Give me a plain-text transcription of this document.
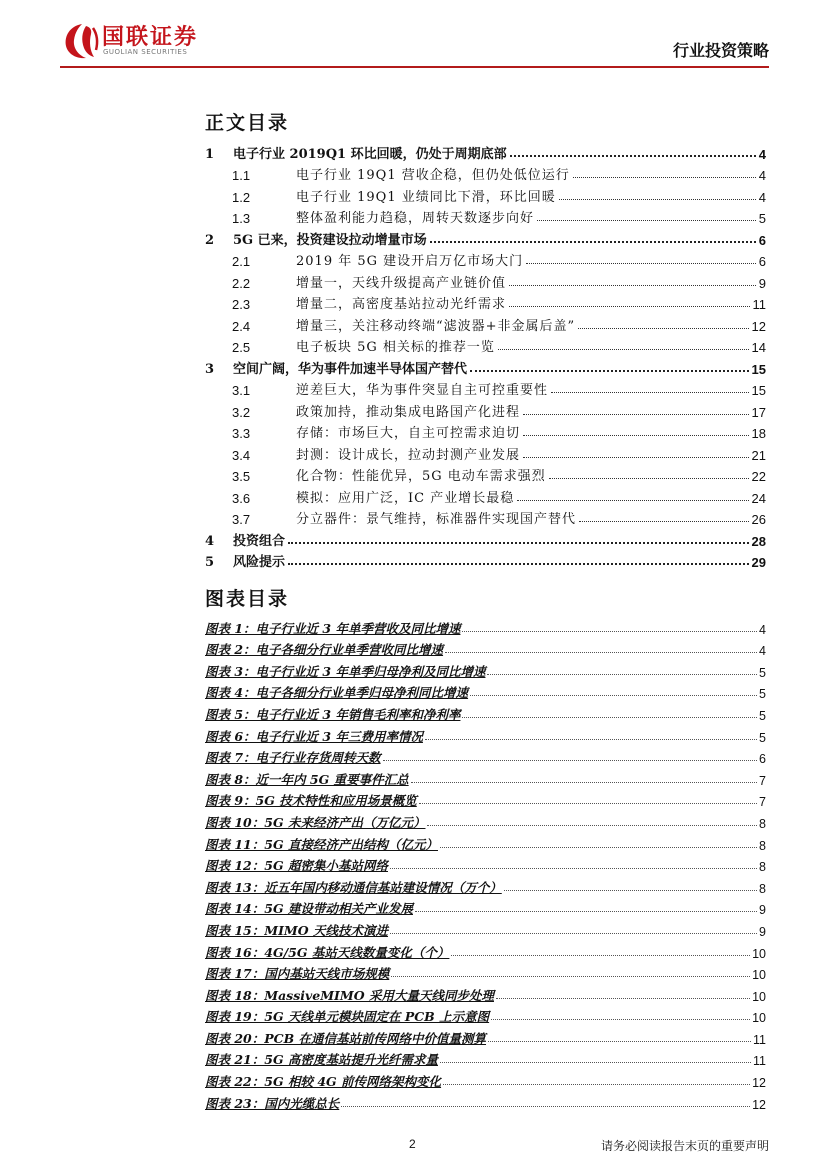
国联证券
GUOLIAN SECURITIES	行业投资策略
正文目录
1	电子行业 2019Q1 环比回暖，仍处于周期底部	4
1.1	电子行业 19Q1 营收企稳，但仍处低位运行	4
1.2	电子行业 19Q1 业绩同比下滑，环比回暖	4
1.3	整体盈利能力趋稳，周转天数逐步向好	5
2	5G 已来，投资建设拉动增量市场	6
2.1	2019 年 5G 建设开启万亿市场大门	6
2.2	增量一，天线升级提高产业链价值	9
2.3	增量二，高密度基站拉动光纤需求	11
2.4	增量三，关注移动终端“滤波器+非金属后盖”	12
2.5	电子板块 5G 相关标的推荐一览	14
3	空间广阔，华为事件加速半导体国产替代	15
3.1	逆差巨大，华为事件突显自主可控重要性	15
3.2	政策加持，推动集成电路国产化进程	17
3.3	存储：市场巨大，自主可控需求迫切	18
3.4	封测：设计成长，拉动封测产业发展	21
3.5	化合物：性能优异，5G 电动车需求强烈	22
3.6	模拟：应用广泛，IC 产业增长最稳	24
3.7	分立器件：景气维持，标准器件实现国产替代	26
4	投资组合	28
5	风险提示	29
图表目录
图表 1：电子行业近 3 年单季营收及同比增速	4
图表 2：电子各细分行业单季营收同比增速	4
图表 3：电子行业近 3 年单季归母净利及同比增速	5
图表 4：电子各细分行业单季归母净利同比增速	5
图表 5：电子行业近 3 年销售毛利率和净利率	5
图表 6：电子行业近 3 年三费用率情况	5
图表 7：电子行业存货周转天数	6
图表 8：近一年内 5G 重要事件汇总	7
图表 9：5G 技术特性和应用场景概览	7
图表 10：5G 未来经济产出（万亿元）	8
图表 11：5G 直接经济产出结构（亿元）	8
图表 12：5G 超密集小基站网络	8
图表 13：近五年国内移动通信基站建设情况（万个）	8
图表 14：5G 建设带动相关产业发展	9
图表 15：MIMO 天线技术演进	9
图表 16：4G/5G 基站天线数量变化（个）	10
图表 17：国内基站天线市场规模	10
图表 18：MassiveMIMO 采用大量天线同步处理	10
图表 19：5G 天线单元模块固定在 PCB 上示意图	10
图表 20：PCB 在通信基站前传网络中价值量测算	11
图表 21：5G 高密度基站提升光纤需求量	11
图表 22：5G 相较 4G 前传网络架构变化	12
图表 23：国内光缆总长	12
2	请务必阅读报告末页的重要声明
